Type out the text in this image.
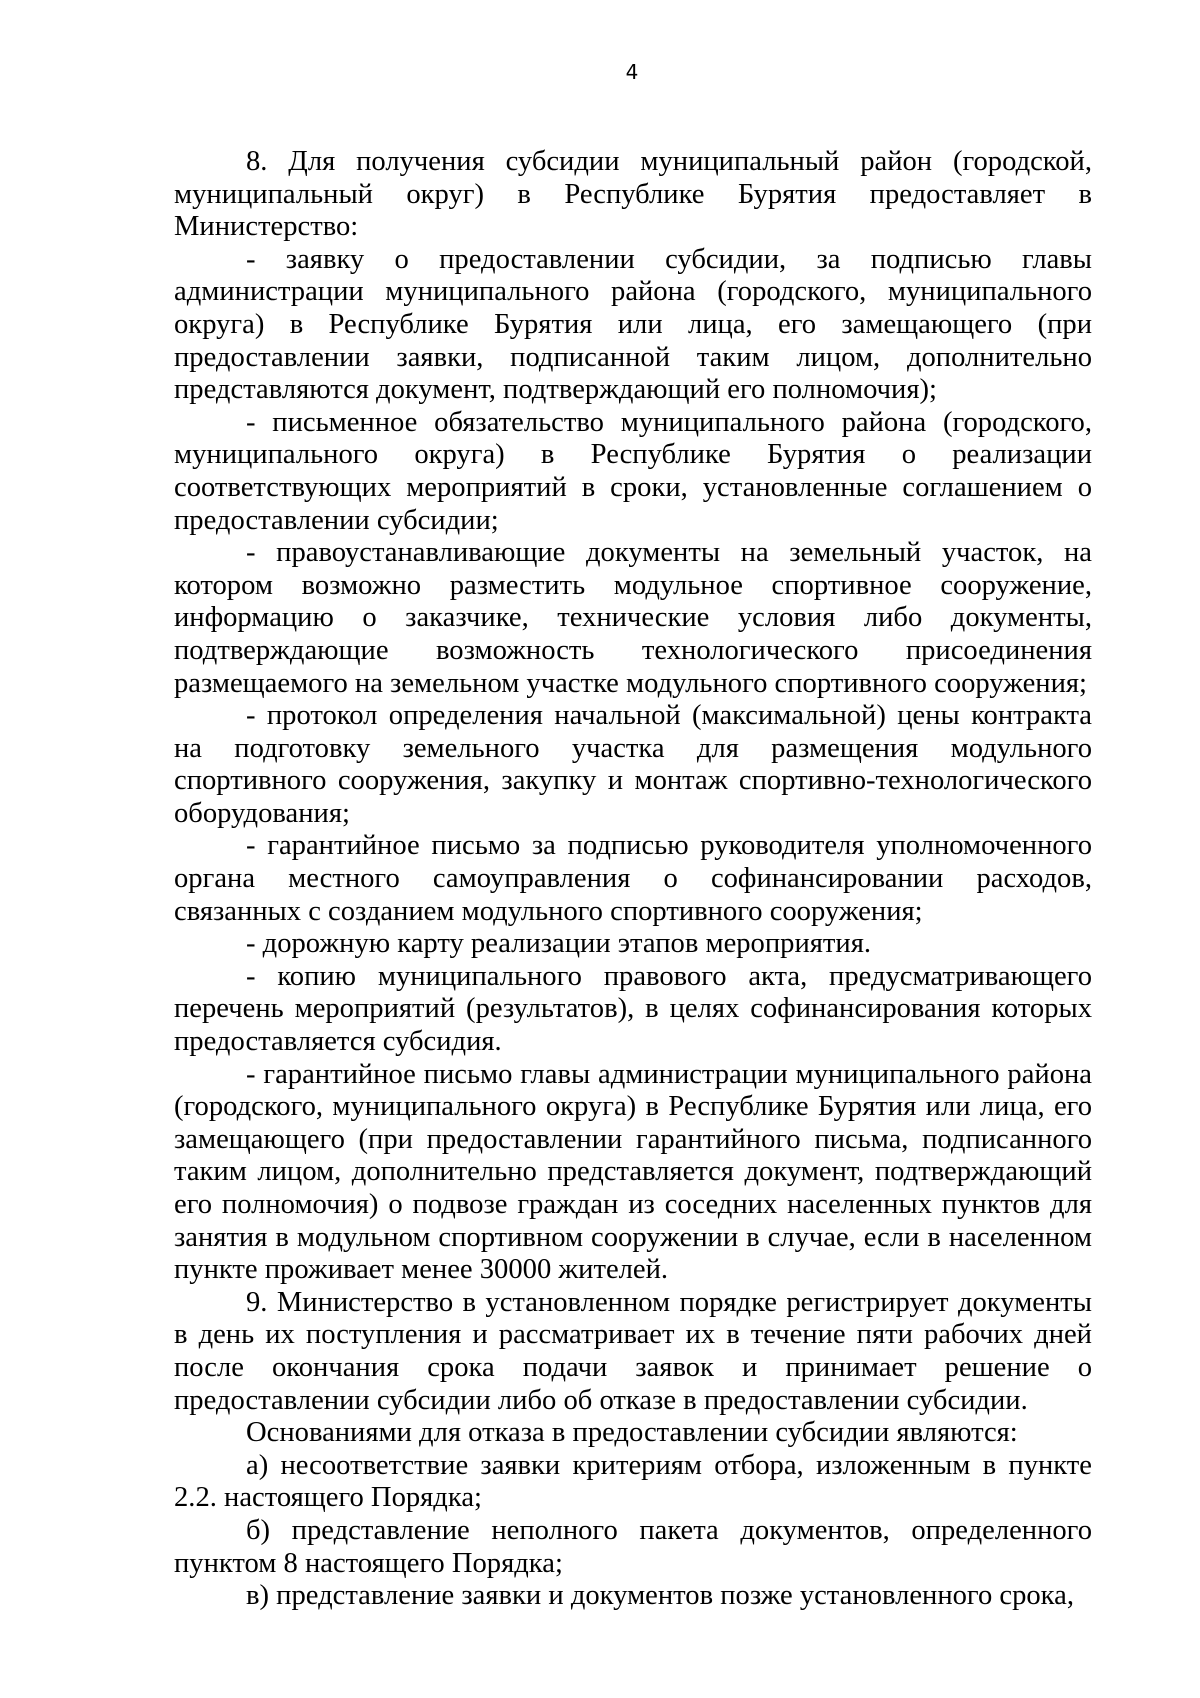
4

8. Для получения субсидии муниципальный район (городской, муниципальный округ) в Республике Бурятия предоставляет в Министерство:

- заявку о предоставлении субсидии, за подписью главы администрации муниципального района (городского, муниципального округа) в Республике Бурятия или лица, его замещающего (при предоставлении заявки, подписанной таким лицом, дополнительно представляются документ, подтверждающий его полномочия);

- письменное обязательство муниципального района (городского, муниципального округа) в Республике Бурятия о реализации соответствующих мероприятий в сроки, установленные соглашением о предоставлении субсидии;

- правоустанавливающие документы на земельный участок, на котором возможно разместить модульное спортивное сооружение, информацию о заказчике, технические условия либо документы, подтверждающие возможность технологического присоединения размещаемого на земельном участке модульного спортивного сооружения;

- протокол определения начальной (максимальной) цены контракта на подготовку земельного участка для размещения модульного спортивного сооружения, закупку и монтаж спортивно-технологического оборудования;

- гарантийное письмо за подписью руководителя уполномоченного органа местного самоуправления о софинансировании расходов, связанных с созданием модульного спортивного сооружения;

- дорожную карту реализации этапов мероприятия.

- копию муниципального правового акта, предусматривающего перечень мероприятий (результатов), в целях софинансирования которых предоставляется субсидия.

- гарантийное письмо главы администрации муниципального района (городского, муниципального округа) в Республике Бурятия или лица, его замещающего (при предоставлении гарантийного письма, подписанного таким лицом, дополнительно представляется документ, подтверждающий его полномочия) о подвозе граждан из соседних населенных пунктов для занятия в модульном спортивном сооружении в случае, если в населенном пункте проживает менее 30000 жителей.

9. Министерство в установленном порядке регистрирует документы в день их поступления и рассматривает их в течение пяти рабочих дней после окончания срока подачи заявок и принимает решение о предоставлении субсидии либо об отказе в предоставлении субсидии.

Основаниями для отказа в предоставлении субсидии являются:

а) несоответствие заявки критериям отбора, изложенным в пункте 2.2. настоящего Порядка;

б) представление неполного пакета документов, определенного пунктом 8 настоящего Порядка;

в) представление заявки и документов позже установленного срока,
